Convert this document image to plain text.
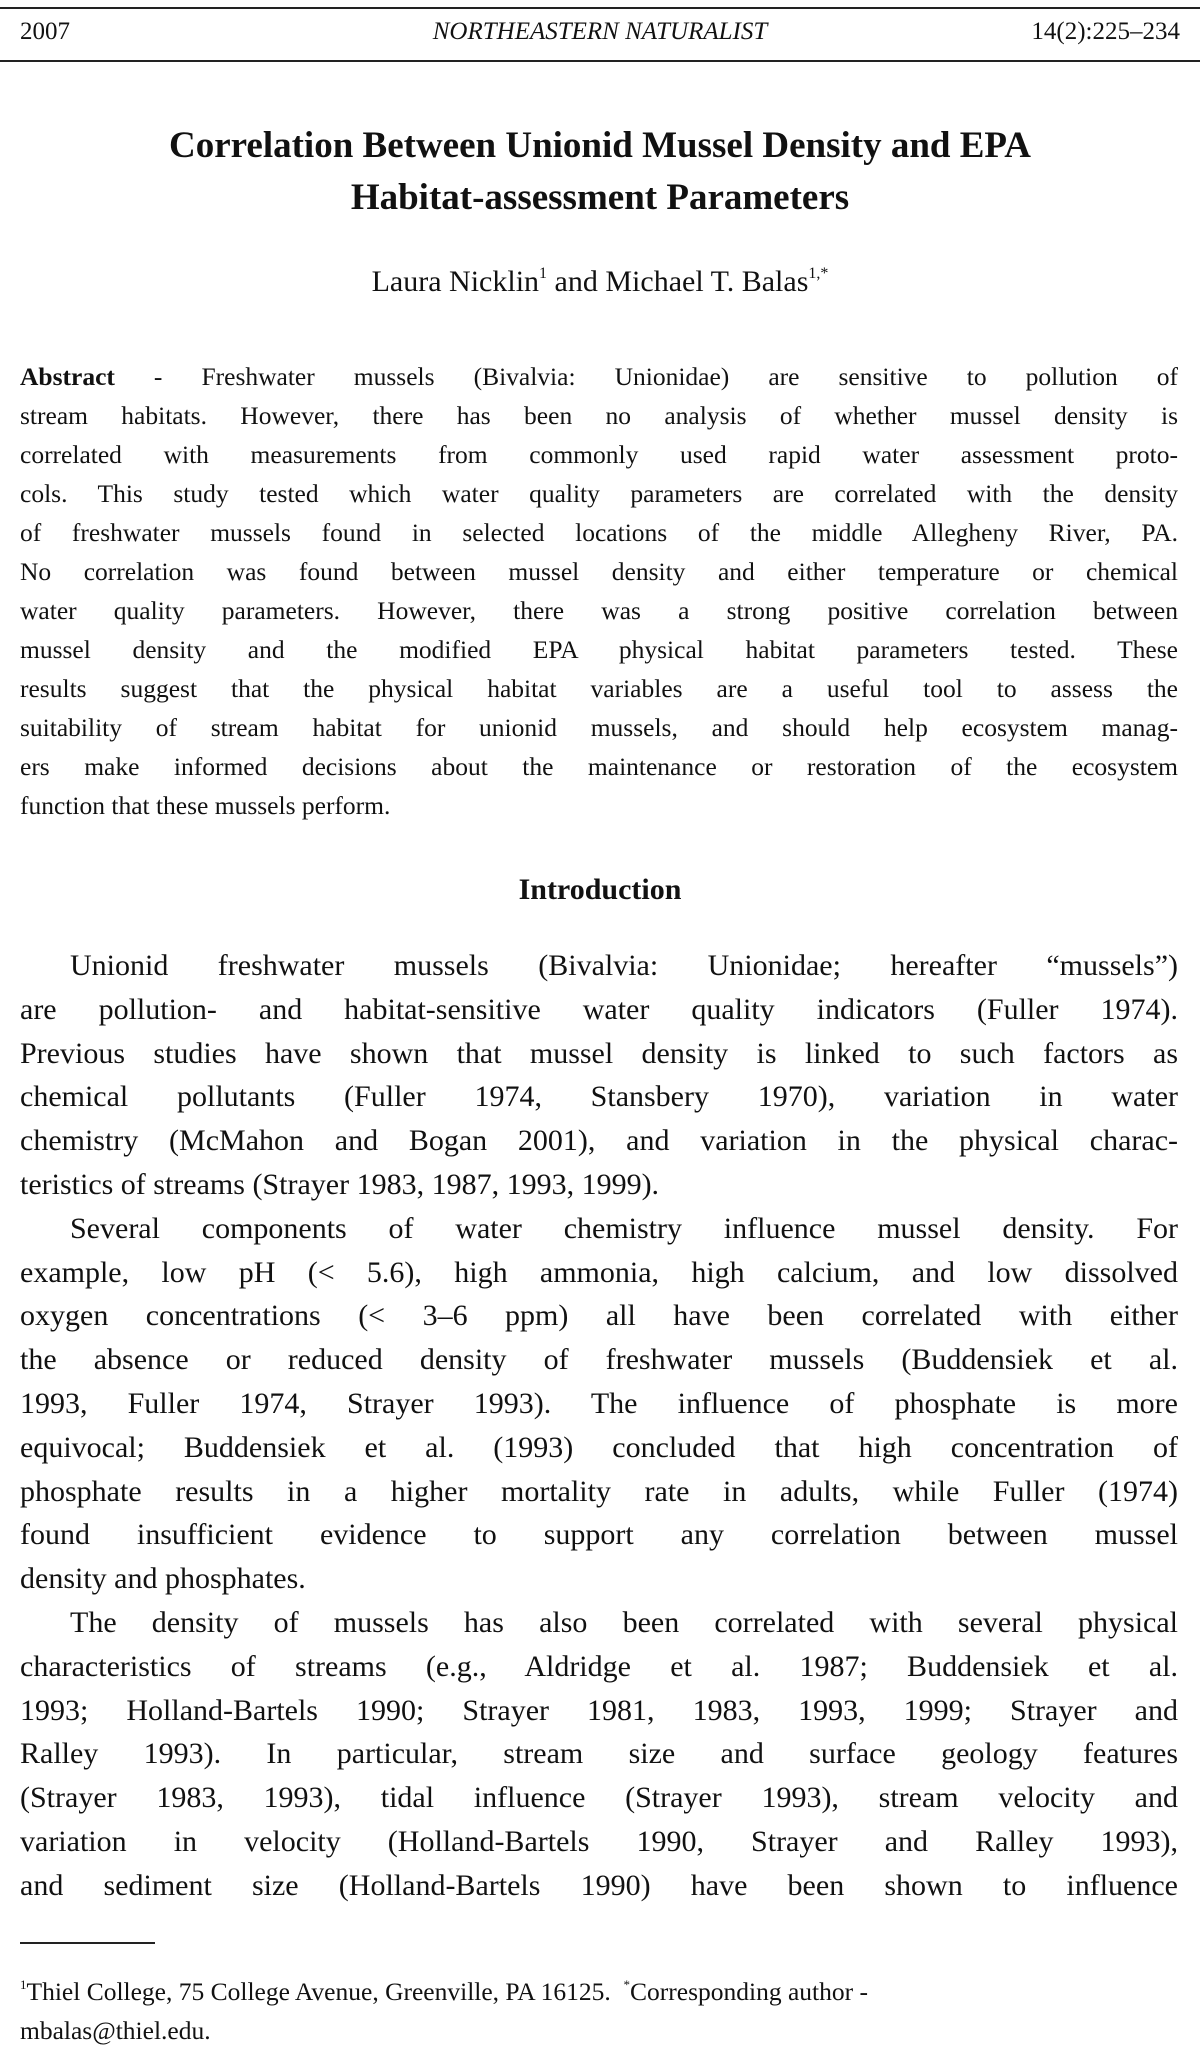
2007	NORTHEASTERN NATURALIST	14(2):225–234
Correlation Between Unionid Mussel Density and EPA
Habitat-assessment Parameters
Laura Nicklin$^1$ and Michael T. Balas$^{1,*}$
Abstract - Freshwater mussels (Bivalvia: Unionidae) are sensitive to pollution of
stream habitats. However, there has been no analysis of whether mussel density is
correlated with measurements from commonly used rapid water assessment proto-
cols. This study tested which water quality parameters are correlated with the density
of freshwater mussels found in selected locations of the middle Allegheny River, PA.
No correlation was found between mussel density and either temperature or chemical
water quality parameters. However, there was a strong positive correlation between
mussel density and the modified EPA physical habitat parameters tested. These
results suggest that the physical habitat variables are a useful tool to assess the
suitability of stream habitat for unionid mussels, and should help ecosystem manag-
ers make informed decisions about the maintenance or restoration of the ecosystem
function that these mussels perform.
Introduction
Unionid freshwater mussels (Bivalvia: Unionidae; hereafter “mussels”)
are pollution- and habitat-sensitive water quality indicators (Fuller 1974).
Previous studies have shown that mussel density is linked to such factors as
chemical pollutants (Fuller 1974, Stansbery 1970), variation in water
chemistry (McMahon and Bogan 2001), and variation in the physical charac-
teristics of streams (Strayer 1983, 1987, 1993, 1999).
Several components of water chemistry influence mussel density. For
example, low pH (< 5.6), high ammonia, high calcium, and low dissolved
oxygen concentrations (< 3–6 ppm) all have been correlated with either
the absence or reduced density of freshwater mussels (Buddensiek et al.
1993, Fuller 1974, Strayer 1993). The influence of phosphate is more
equivocal; Buddensiek et al. (1993) concluded that high concentration of
phosphate results in a higher mortality rate in adults, while Fuller (1974)
found insufficient evidence to support any correlation between mussel
density and phosphates.
The density of mussels has also been correlated with several physical
characteristics of streams (e.g., Aldridge et al. 1987; Buddensiek et al.
1993; Holland-Bartels 1990; Strayer 1981, 1983, 1993, 1999; Strayer and
Ralley 1993). In particular, stream size and surface geology features
(Strayer 1983, 1993), tidal influence (Strayer 1993), stream velocity and
variation in velocity (Holland-Bartels 1990, Strayer and Ralley 1993),
and sediment size (Holland-Bartels 1990) have been shown to influence
$^1$Thiel College, 75 College Avenue, Greenville, PA 16125. *Corresponding author -
mbalas@thiel.edu.
